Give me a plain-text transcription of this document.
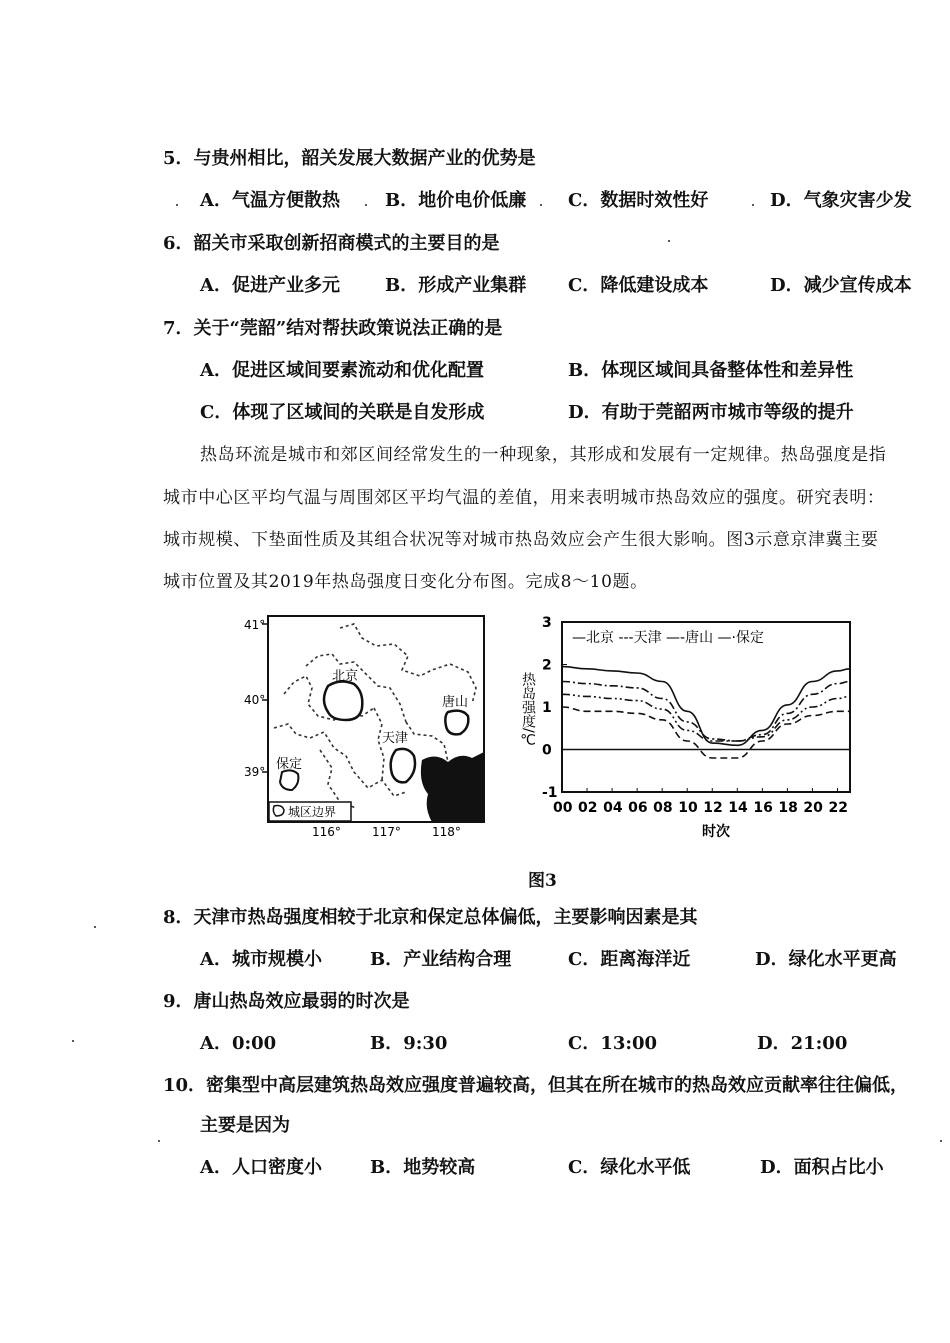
5．与贵州相比，韶关发展大数据产业的优势是
A．气温方便散热	B．地价电价低廉 C．数据时效性好	D．气象灾害少发
6．韶关市采取创新招商模式的主要目的是
A．促进产业多元	B．形成产业集群 C．降低建设成本	D．减少宣传成本
7．关于“莞韶”结对帮扶政策说法正确的是
A．促进区域间要素流动和优化配置	B．体现区域间具备整体性和差异性
C．体现了区域间的关联是自发形成	D．有助于莞韶两市城市等级的提升
热岛环流是城市和郊区间经常发生的一种现象，其形成和发展有一定规律。热岛强度是指
城市中心区平均气温与周围郊区平均气温的差值，用来表明城市热岛效应的强度。研究表明：
城市规模、下垫面性质及其组合状况等对城市热岛效应会产生很大影响。图3示意京津冀主要
城市位置及其2019年热岛强度日变化分布图。完成8～10题。
41°
40°
39°
116°	117°	118°
北京
天津
唐山
保定
城区边界
3
2
1
0
-1
00 02 04 06 08 10 12 14 16 18 20 22
—北京 ---天津 —-唐山 —·保定
热岛强度/℃
时次
图3
8．天津市热岛强度相较于北京和保定总体偏低，主要影响因素是其
A．城市规模小	B．产业结构合理	C．距离海洋近	D．绿化水平更高
9．唐山热岛效应最弱的时次是
A．0:00	B．9:30	C．13:00	D．21:00
10．密集型中高层建筑热岛效应强度普遍较高，但其在所在城市的热岛效应贡献率往往偏低，
主要是因为
A．人口密度小	B．地势较高	C．绿化水平低	D．面积占比小
